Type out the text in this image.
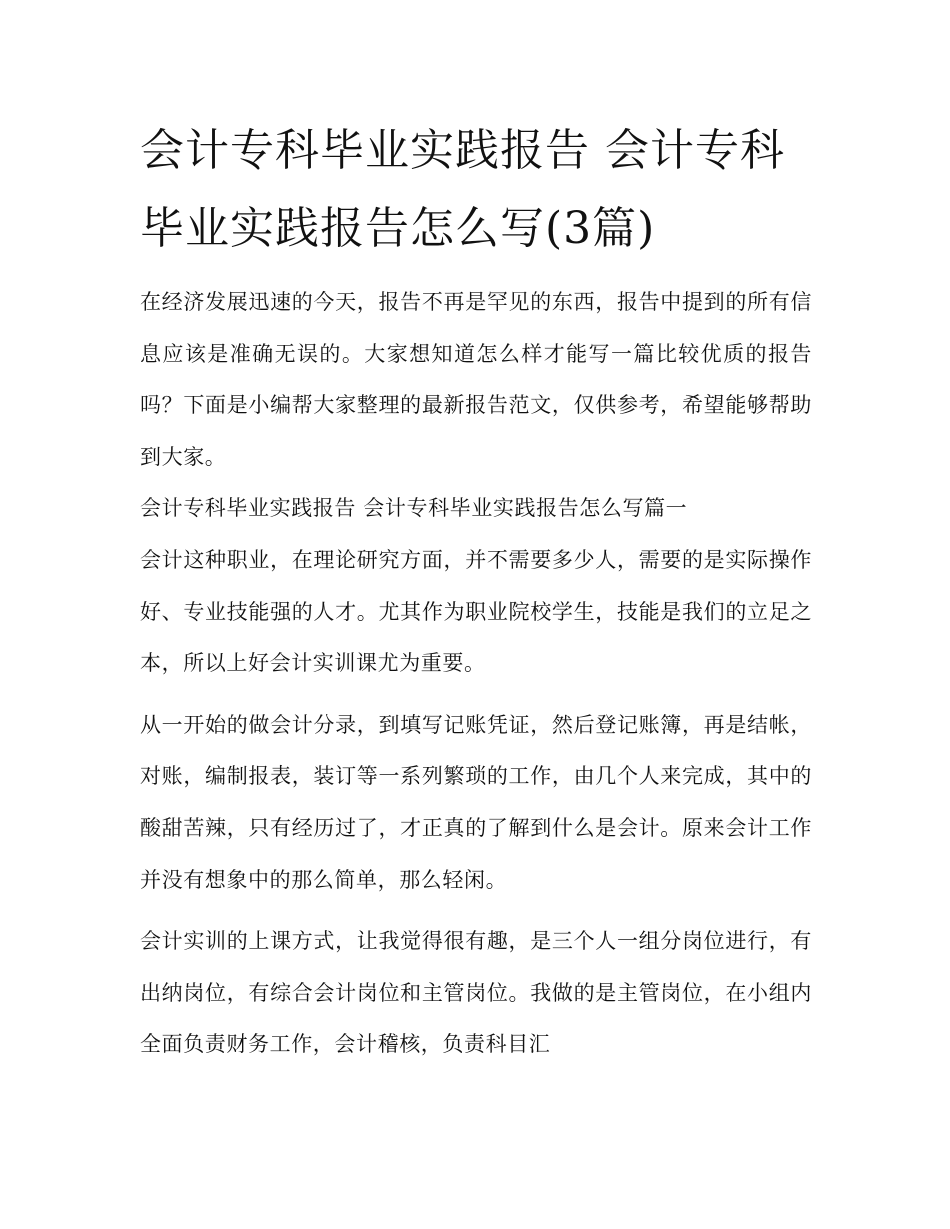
会计专科毕业实践报告 会计专科毕业实践报告怎么写(3篇)

在经济发展迅速的今天，报告不再是罕见的东西，报告中提到的所有信息应该是准确无误的。大家想知道怎么样才能写一篇比较优质的报告吗？下面是小编帮大家整理的最新报告范文，仅供参考，希望能够帮助到大家。

会计专科毕业实践报告 会计专科毕业实践报告怎么写篇一

会计这种职业，在理论研究方面，并不需要多少人，需要的是实际操作好、专业技能强的人才。尤其作为职业院校学生，技能是我们的立足之本，所以上好会计实训课尤为重要。

从一开始的做会计分录，到填写记账凭证，然后登记账簿，再是结帐，对账，编制报表，装订等一系列繁琐的工作，由几个人来完成，其中的酸甜苦辣，只有经历过了，才正真的了解到什么是会计。原来会计工作并没有想象中的那么简单，那么轻闲。

会计实训的上课方式，让我觉得很有趣，是三个人一组分岗位进行，有出纳岗位，有综合会计岗位和主管岗位。我做的是主管岗位，在小组内全面负责财务工作，会计稽核，负责科目汇
